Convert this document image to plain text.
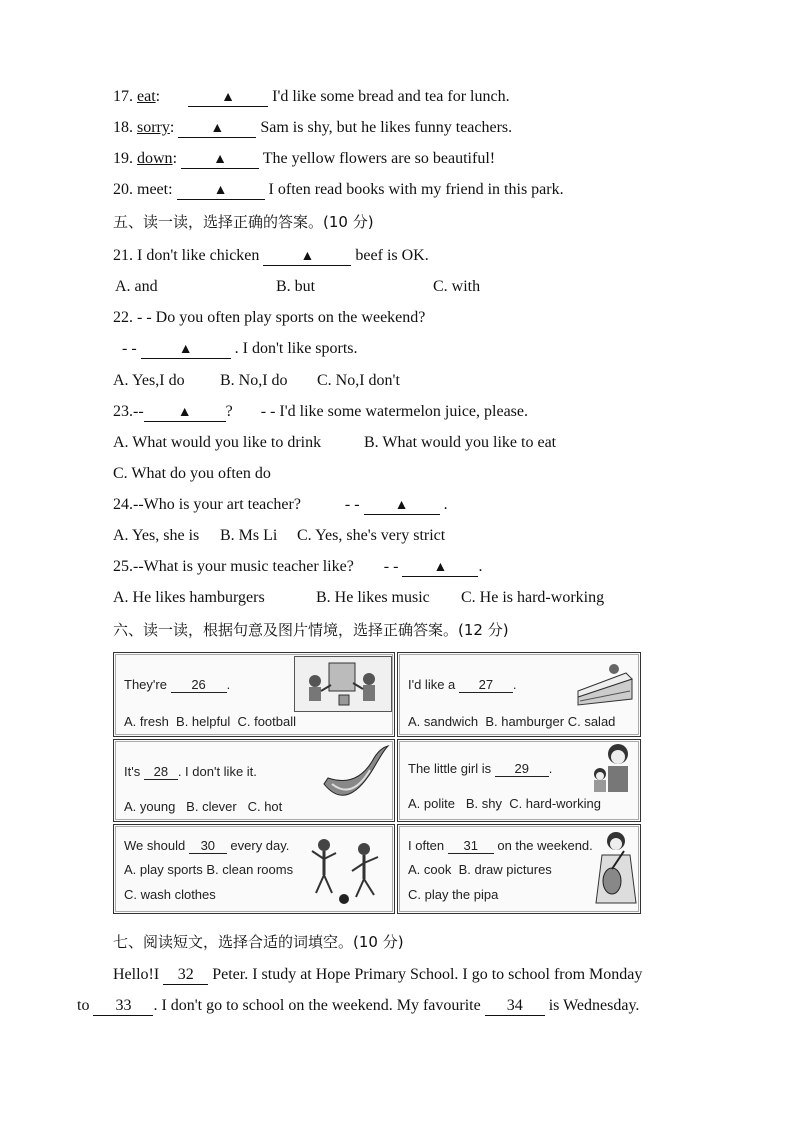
17. eat:	▲ I'd like some bread and tea for lunch.
18. sorry:	▲ Sam is shy, but he likes funny teachers.
19. down:	▲ The yellow flowers are so beautiful!
20. meet:	▲ I often read books with my friend in this park.
五、读一读，选择正确的答案。(10 分)
21. I don't like chicken	▲ beef is OK.
A. and	B. but	C. with
22. - - Do you often play sports on the weekend?
- -	▲ . I don't like sports.
A. Yes,I do B. No,I do C. No,I don't
23.-- ▲ ? - - I'd like some watermelon juice, please.
A. What would you like to drink	B. What would you like to eat
C. What do you often do
24.--Who is your art teacher?	- - ▲ .
A. Yes, she is B. Ms Li C. Yes, she's very strict
25.--What is your music teacher like? - - ▲ .
A. He likes hamburgers	B. He likes music C. He is hard-working
六、读一读，根据句意及图片情境，选择正确答案。(12 分)
They're 26 .
A. fresh B. helpful C. football
I'd like a 27 .
A. sandwich B. hamburger C. salad
It's 28 . I don't like it.
A. young B. clever C. hot
The little girl is 29 .
A. polite B. shy C. hard-working
We should 30 every day.
A. play sports B. clean rooms
C. wash clothes
I often 31 on the weekend.
A. cook B. draw pictures
C. play the pipa
七、阅读短文，选择合适的词填空。(10 分)
Hello!I 32 Peter. I study at Hope Primary School. I go to school from Monday
to 33 . I don't go to school on the weekend. My favourite 34 is Wednesday.
